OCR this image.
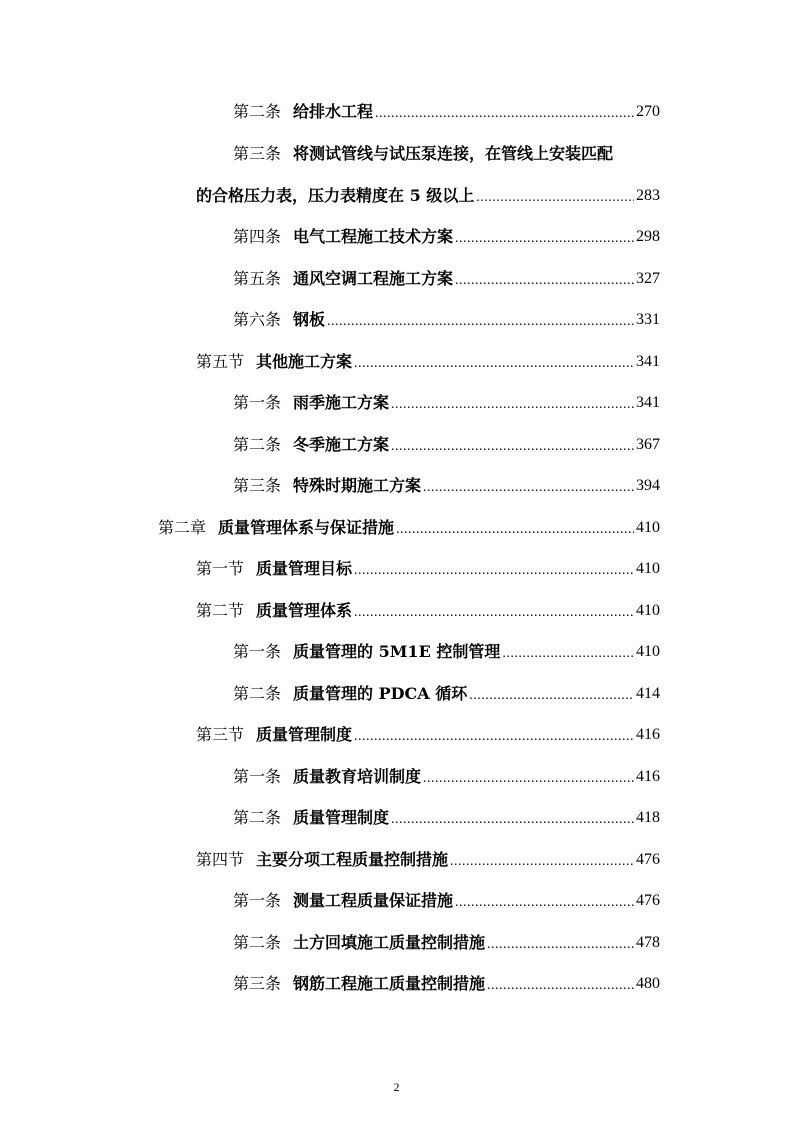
第二条 给排水工程 .....	270
第三条 将测试管线与试压泵连接，在管线上安装匹配
的合格压力表，压力表精度在 5 级以上 .....	283
第四条 电气工程施工技术方案 .....	298
第五条 通风空调工程施工方案 .....	327
第六条 钢板 .....	331
第五节 其他施工方案 .....	341
第一条 雨季施工方案 .....	341
第二条 冬季施工方案 .....	367
第三条 特殊时期施工方案 .....	394
第二章 质量管理体系与保证措施 .....	410
第一节 质量管理目标 .....	410
第二节 质量管理体系 .....	410
第一条 质量管理的 5M1E 控制管理 .....	410
第二条 质量管理的 PDCA 循环 .....	414
第三节 质量管理制度 .....	416
第一条 质量教育培训制度 .....	416
第二条 质量管理制度 .....	418
第四节 主要分项工程质量控制措施 .....	476
第一条 测量工程质量保证措施 .....	476
第二条 土方回填施工质量控制措施 .....	478
第三条 钢筋工程施工质量控制措施 .....	480
2
